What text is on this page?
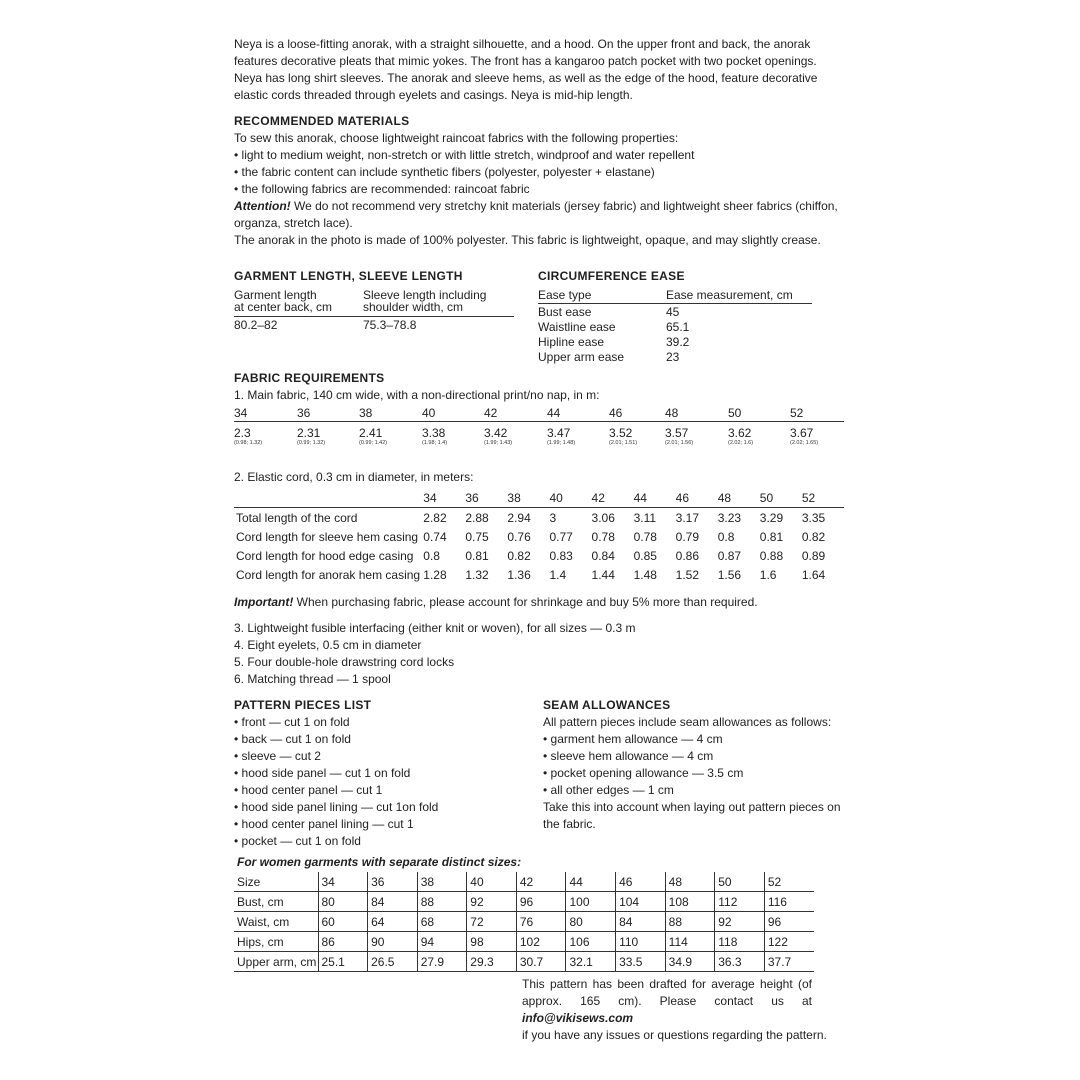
Neya is a loose-fitting anorak, with a straight silhouette, and a hood. On the upper front and back, the anorak features decorative pleats that mimic yokes. The front has a kangaroo patch pocket with two pocket openings. Neya has long shirt sleeves. The anorak and sleeve hems, as well as the edge of the hood, feature decorative elastic cords threaded through eyelets and casings. Neya is mid-hip length.
RECOMMENDED MATERIALS
To sew this anorak, choose lightweight raincoat fabrics with the following properties:
• light to medium weight, non-stretch or with little stretch, windproof and water repellent
• the fabric content can include synthetic fibers (polyester, polyester + elastane)
• the following fabrics are recommended: raincoat fabric
Attention! We do not recommend very stretchy knit materials (jersey fabric) and lightweight sheer fabrics (chiffon, organza, stretch lace).
The anorak in the photo is made of 100% polyester. This fabric is lightweight, opaque, and may slightly crease.
GARMENT LENGTH, SLEEVE LENGTH
Garment length
at center back, cm
Sleeve length including
shoulder width, cm
80.2–82	75.3–78.8
CIRCUMFERENCE EASE
Ease type	Ease measurement, cm
Bust ease	45
Waistline ease	65.1
Hipline ease	39.2
Upper arm ease	23
FABRIC REQUIREMENTS
1. Main fabric, 140 cm wide, with a non-directional print/no nap, in m:
34	36	38	40	42	44	46	48	50	52
2.3	2.31	2.41	3.38	3.42	3.47	3.52	3.57	3.62	3.67
(0.98; 1.32)	(0.99; 1.32)	(0.99; 1.42)	(1.98; 1.4)	(1.99; 1.43)	(1.99; 1.48)	(2.01; 1.51)	(2.01; 1.56)	(2.02; 1.6)	(2.02; 1.65)
2. Elastic cord, 0.3 cm in diameter, in meters:
	34	36	38	40	42	44	46	48	50	52
Total length of the cord	2.82	2.88	2.94	3	3.06	3.11	3.17	3.23	3.29	3.35
Cord length for sleeve hem casing	0.74	0.75	0.76	0.77	0.78	0.78	0.79	0.8	0.81	0.82
Cord length for hood edge casing	0.8	0.81	0.82	0.83	0.84	0.85	0.86	0.87	0.88	0.89
Cord length for anorak hem casing	1.28	1.32	1.36	1.4	1.44	1.48	1.52	1.56	1.6	1.64
Important! When purchasing fabric, please account for shrinkage and buy 5% more than required.
3. Lightweight fusible interfacing (either knit or woven), for all sizes — 0.3 m
4. Eight eyelets, 0.5 cm in diameter
5. Four double-hole drawstring cord locks
6. Matching thread — 1 spool
PATTERN PIECES LIST
• front — cut 1 on fold
• back — cut 1 on fold
• sleeve — cut 2
• hood side panel — cut 1 on fold
• hood center panel — cut 1
• hood side panel lining — cut 1on fold
• hood center panel lining — cut 1
• pocket — cut 1 on fold
SEAM ALLOWANCES
All pattern pieces include seam allowances as follows:
• garment hem allowance — 4 cm
• sleeve hem allowance — 4 cm
• pocket opening allowance — 3.5 cm
• all other edges — 1 cm
Take this into account when laying out pattern pieces on
the fabric.
For women garments with separate distinct sizes:
Size	34	36	38	40	42	44	46	48	50	52
Bust, cm	80	84	88	92	96	100	104	108	112	116
Waist, cm	60	64	68	72	76	80	84	88	92	96
Hips, cm	86	90	94	98	102	106	110	114	118	122
Upper arm, cm	25.1	26.5	27.9	29.3	30.7	32.1	33.5	34.9	36.3	37.7
This pattern has been drafted for average height (of
approx. 165 cm). Please contact us at info@vikisews.com
if you have any issues or questions regarding the pattern.
